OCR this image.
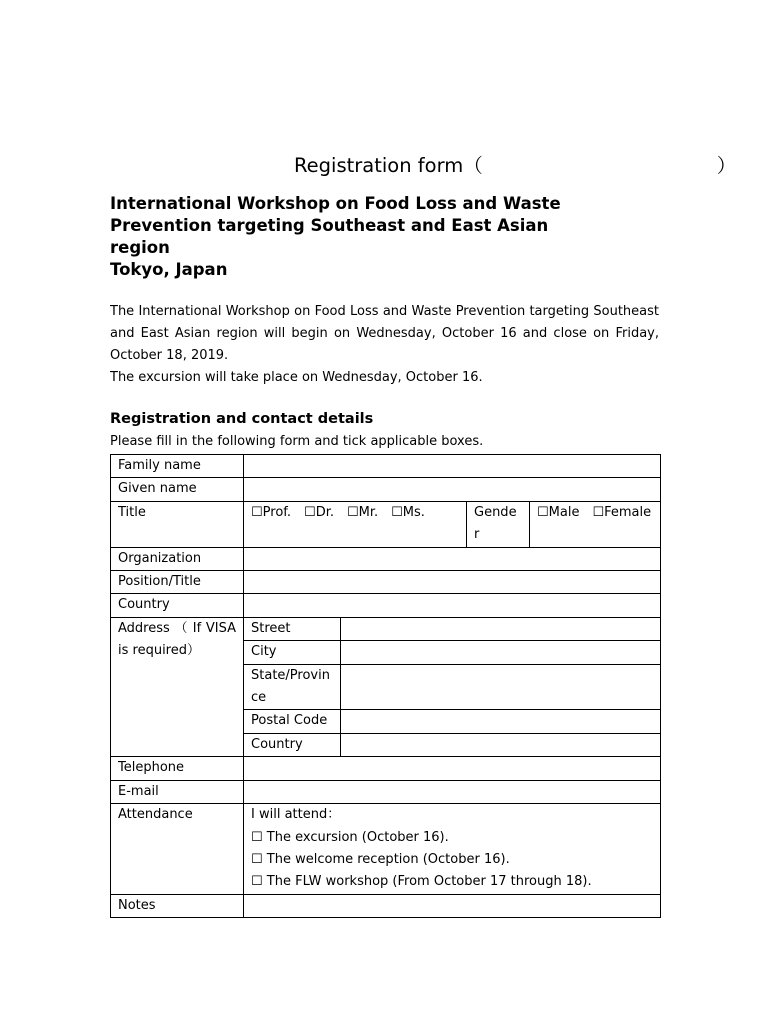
Registration form（　　　　　　　　　　　　）
International Workshop on Food Loss and Waste
Prevention targeting Southeast and East Asian
region
Tokyo, Japan

The International Workshop on Food Loss and Waste Prevention targeting Southeast and East Asian region will begin on Wednesday, October 16 and close on Friday, October 18, 2019.

The excursion will take place on Wednesday, October 16.

Registration and contact details
Please fill in the following form and tick applicable boxes.
Family name				
Given name				
Title	☐Prof.　☐Dr.　☐Mr.　☐Ms.		Gende r	☐Male　☐Female
Organization				
Position/Title				
Country				
Address （ If VISA is required）	Street			
	City			
	State/Provin ce			
	Postal Code			
	Country			
Telephone				
E-mail				
Attendance	I will attend：
☐ The excursion (October 16).
☐ The welcome reception (October 16).
☐ The FLW workshop (From October 17 through 18).			

Notes				
